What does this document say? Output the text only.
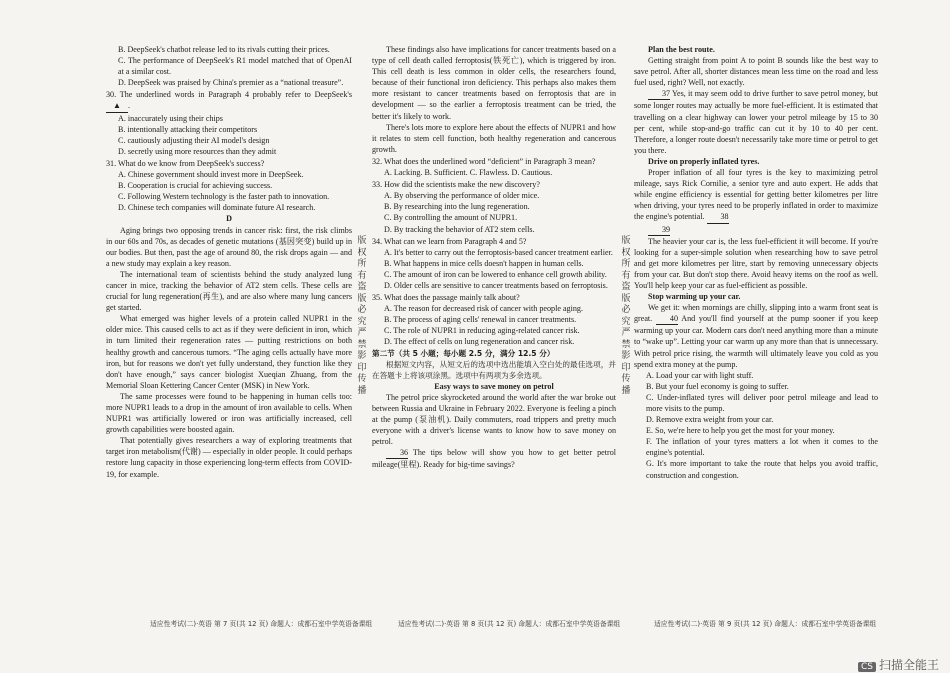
B. DeepSeek's chatbot release led to its rivals cutting their prices.

C. The performance of DeepSeek's R1 model matched that of OpenAI at a similar cost.

D. DeepSeek was praised by China's premier as a “national treasure”.

30. The underlined words in Paragraph 4 probably refer to DeepSeek's ▲ .

A. inaccurately using their chips

B. intentionally attacking their competitors

C. cautiously adjusting their AI model's design

D. secretly using more resources than they admit

31. What do we know from DeepSeek's success?

A. Chinese government should invest more in DeepSeek.

B. Cooperation is crucial for achieving success.

C. Following Western technology is the faster path to innovation.

D. Chinese tech companies will dominate future AI research.

D

Aging brings two opposing trends in cancer risk: first, the risk climbs in our 60s and 70s, as decades of genetic mutations (基因突变) build up in our bodies. But then, past the age of around 80, the risk drops again — and a new study may explain a key reason.

The international team of scientists behind the study analyzed lung cancer in mice, tracking the behavior of AT2 stem cells. These cells are crucial for lung regeneration(再生), and are also where many lung cancers get started.

What emerged was higher levels of a protein called NUPR1 in the older mice. This caused cells to act as if they were deficient in iron, which in turn limited their regeneration rates — putting restrictions on both healthy growth and cancerous tumors. “The aging cells actually have more iron, but for reasons we don't yet fully understand, they function like they don't have enough,” says cancer biologist Xueqian Zhuang, from the Memorial Sloan Kettering Cancer Center (MSK) in New York.

The same processes were found to be happening in human cells too: more NUPR1 leads to a drop in the amount of iron available to cells. When NUPR1 was artificially lowered or iron was artificially increased, cell growth capabilities were boosted again.

That potentially gives researchers a way of exploring treatments that target iron metabolism(代谢) — especially in older people. It could perhaps restore lung capacity in those experiencing long-term effects from COVID-19, for example.

版权所有盗版必究严禁影印传播

These findings also have implications for cancer treatments based on a type of cell death called ferroptosis(铁死亡), which is triggered by iron. This cell death is less common in older cells, the researchers found, because of their functional iron deficiency. This perhaps also makes them more resistant to cancer treatments based on ferroptosis that are in development — so the earlier a ferroptosis treatment can be tried, the better it's likely to work.

There's lots more to explore here about the effects of NUPR1 and how it relates to stem cell function, both healthy regeneration and cancerous growth.

32. What does the underlined word “deficient” in Paragraph 3 mean?

A. Lacking. B. Sufficient. C. Flawless. D. Cautious.

33. How did the scientists make the new discovery?

A. By observing the performance of older mice.

B. By researching into the lung regeneration.

C. By controlling the amount of NUPR1.

D. By tracking the behavior of AT2 stem cells.

34. What can we learn from Paragraph 4 and 5?

A. It's better to carry out the ferroptosis-based cancer treatment earlier.

B. What happens in mice cells doesn't happen in human cells.

C. The amount of iron can be lowered to enhance cell growth ability.

D. Older cells are sensitive to cancer treatments based on ferroptosis.

35. What does the passage mainly talk about?

A. The reason for decreased risk of cancer with people aging.

B. The process of aging cells' renewal in cancer treatments.

C. The role of NUPR1 in reducing aging-related cancer risk.

D. The effect of cells on lung regeneration and cancer risk.

第二节（共 5 小题；每小题 2.5 分，满分 12.5 分）

根据短文内容，从短文后的选项中选出能填入空白处的最佳选项，并在答题卡上将该项涂黑。选项中有两项为多余选项。

Easy ways to save money on petrol

The petrol price skyrocketed around the world after the war broke out between Russia and Ukraine in February 2022. Everyone is feeling a pinch at the pump (泵油机). Daily commuters, road trippers and pretty much everyone with a driver's license wants to know how to save money on petrol.

36 The tips below will show you how to get better petrol mileage(里程). Ready for big-time savings?

版权所有盗版必究严禁影印传播

Plan the best route.

Getting straight from point A to point B sounds like the best way to save petrol. After all, shorter distances mean less time on the road and less fuel used, right? Well, not exactly.

37 Yes, it may seem odd to drive further to save petrol money, but some longer routes may actually be more fuel-efficient. It is estimated that travelling on a clear highway can lower your petrol mileage by 15 to 30 per cent, while stop-and-go traffic can cut it by 10 to 40 per cent. Therefore, a longer route doesn't necessarily take more time or petrol to get you there.

Drive on properly inflated tyres.

Proper inflation of all four tyres is the key to maximizing petrol mileage, says Rick Cornilie, a senior tyre and auto expert. He adds that while engine efficiency is essential for getting better kilometres per litre when driving, your tyres need to be properly inflated in order to maximize the engine's potential. 38

39

The heavier your car is, the less fuel-efficient it will become. If you're looking for a super-simple solution when researching how to save petrol and get more kilometres per litre, start by removing unnecessary objects from your car. But don't stop there. Avoid heavy items on the roof as well. You'll help keep your car as fuel-efficient as possible.

Stop warming up your car.

We get it: when mornings are chilly, slipping into a warm front seat is great. 40 And you'll find yourself at the pump sooner if you keep warming up your car. Modern cars don't need anything more than a minute to “wake up”. Letting your car warm up any more than that is unnecessary. With petrol price rising, the warmth will ultimately leave you cold as you spend extra money at the pump.

A. Load your car with light stuff.

B. But your fuel economy is going to suffer.

C. Under-inflated tyres will deliver poor petrol mileage and lead to more visits to the pump.

D. Remove extra weight from your car.

E. So, we're here to help you get the most for your money.

F. The inflation of your tyres matters a lot when it comes to the engine's potential.

G. It's more important to take the route that helps you avoid traffic, construction and congestion.

适应性考试(二)·英语 第 7 页(共 12 页) 命题人：成都石室中学英语备课组	适应性考试(二)·英语 第 8 页(共 12 页) 命题人：成都石室中学英语备课组	适应性考试(二)·英语 第 9 页(共 12 页) 命题人：成都石室中学英语备课组
CS 扫描全能王
